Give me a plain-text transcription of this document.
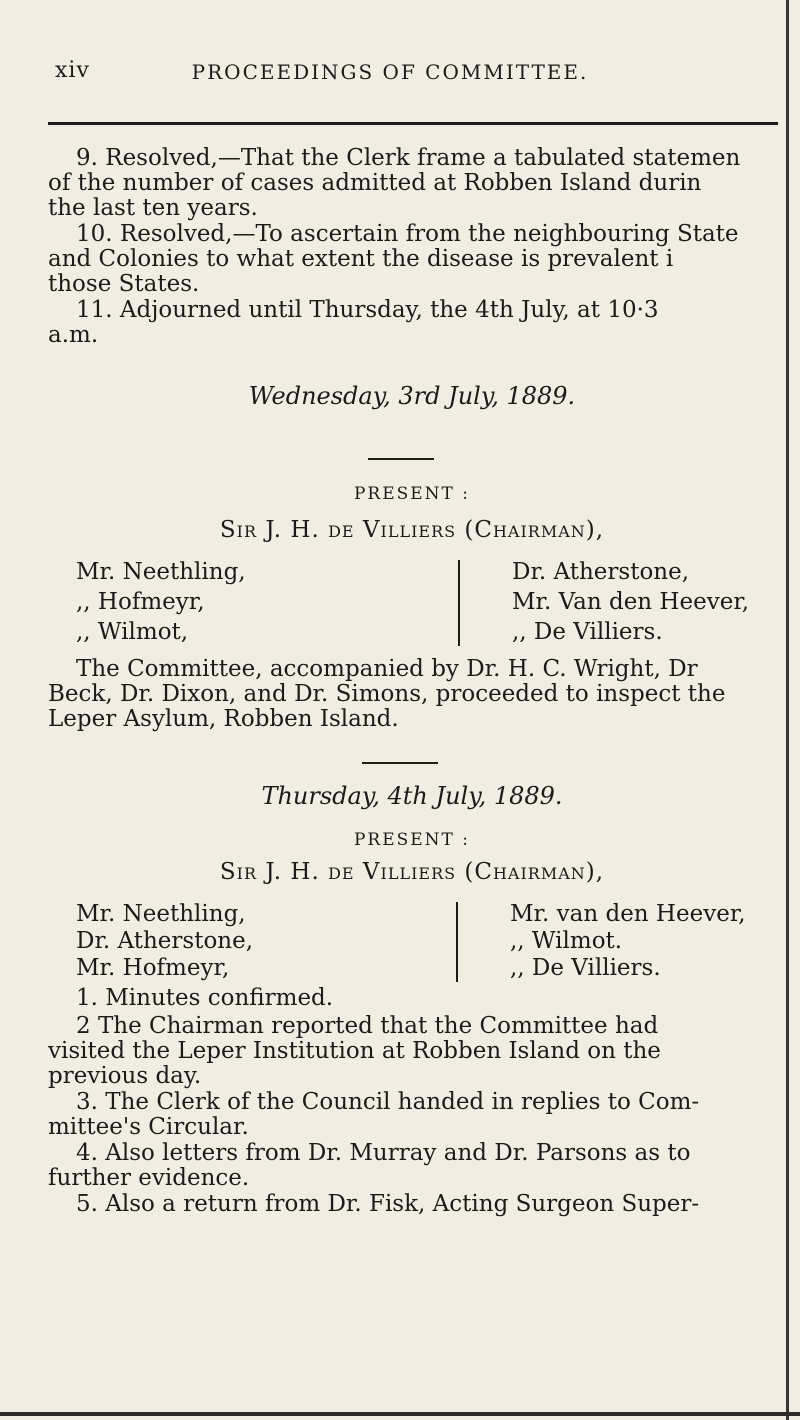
xiv	PROCEEDINGS OF COMMITTEE.
9. Resolved,—That the Clerk frame a tabulated statemen
of the number of cases admitted at Robben Island durin
the last ten years.
10. Resolved,—To ascertain from the neighbouring State
and Colonies to what extent the disease is prevalent i
those States.
11. Adjourned until Thursday, the 4th July, at 10·3
a.m.
Wednesday, 3rd July, 1889.
PRESENT :
Sir J. H. de Villiers (Chairman),
Mr. Neethling,
,, Hofmeyr,
,, Wilmot,
Dr. Atherstone,
Mr. Van den Heever,
,, De Villiers.
The Committee, accompanied by Dr. H. C. Wright, Dr
Beck, Dr. Dixon, and Dr. Simons, proceeded to inspect the
Leper Asylum, Robben Island.
Thursday, 4th July, 1889.
PRESENT :
Sir J. H. de Villiers (Chairman),
Mr. Neethling,
Dr. Atherstone,
Mr. Hofmeyr,
Mr. van den Heever,
,, Wilmot.
,, De Villiers.
1. Minutes confirmed.
2 The Chairman reported that the Committee had
visited the Leper Institution at Robben Island on the
previous day.
3. The Clerk of the Council handed in replies to Com-
mittee's Circular.
4. Also letters from Dr. Murray and Dr. Parsons as to
further evidence.
5. Also a return from Dr. Fisk, Acting Surgeon Super-
